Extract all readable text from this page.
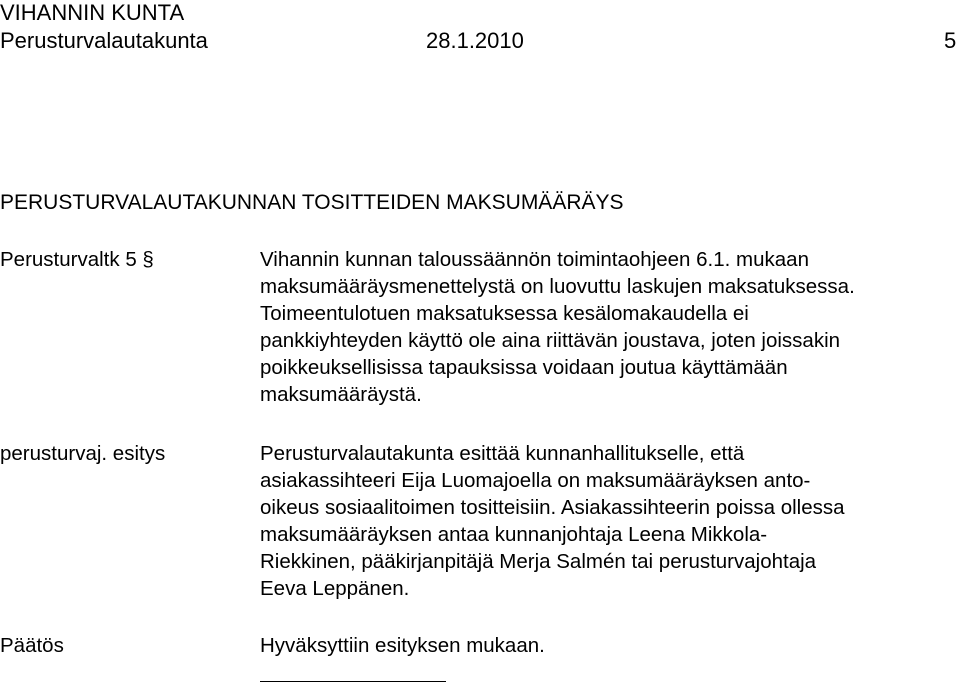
VIHANNIN KUNTA
Perusturvalautakunta	28.1.2010	5
PERUSTURVALAUTAKUNNAN TOSITTEIDEN MAKSUMÄÄRÄYS
Perusturvaltk 5 §	Vihannin kunnan taloussäännön toimintaohjeen 6.1. mukaan
maksumääräysmenettelystä on luovuttu laskujen maksatuksessa.
Toimeentulotuen maksatuksessa kesälomakaudella ei
pankkiyhteyden käyttö ole aina riittävän joustava, joten joissakin
poikkeuksellisissa tapauksissa voidaan joutua käyttämään
maksumääräystä.
perusturvaj. esitys	Perusturvalautakunta esittää kunnanhallitukselle, että
asiakassihteeri Eija Luomajoella on maksumääräyksen anto-
oikeus sosiaalitoimen tositteisiin. Asiakassihteerin poissa ollessa
maksumääräyksen antaa kunnanjohtaja Leena Mikkola-
Riekkinen, pääkirjanpitäjä Merja Salmén tai perusturvajohtaja
Eeva Leppänen.
Päätös	Hyväksyttiin esityksen mukaan.
